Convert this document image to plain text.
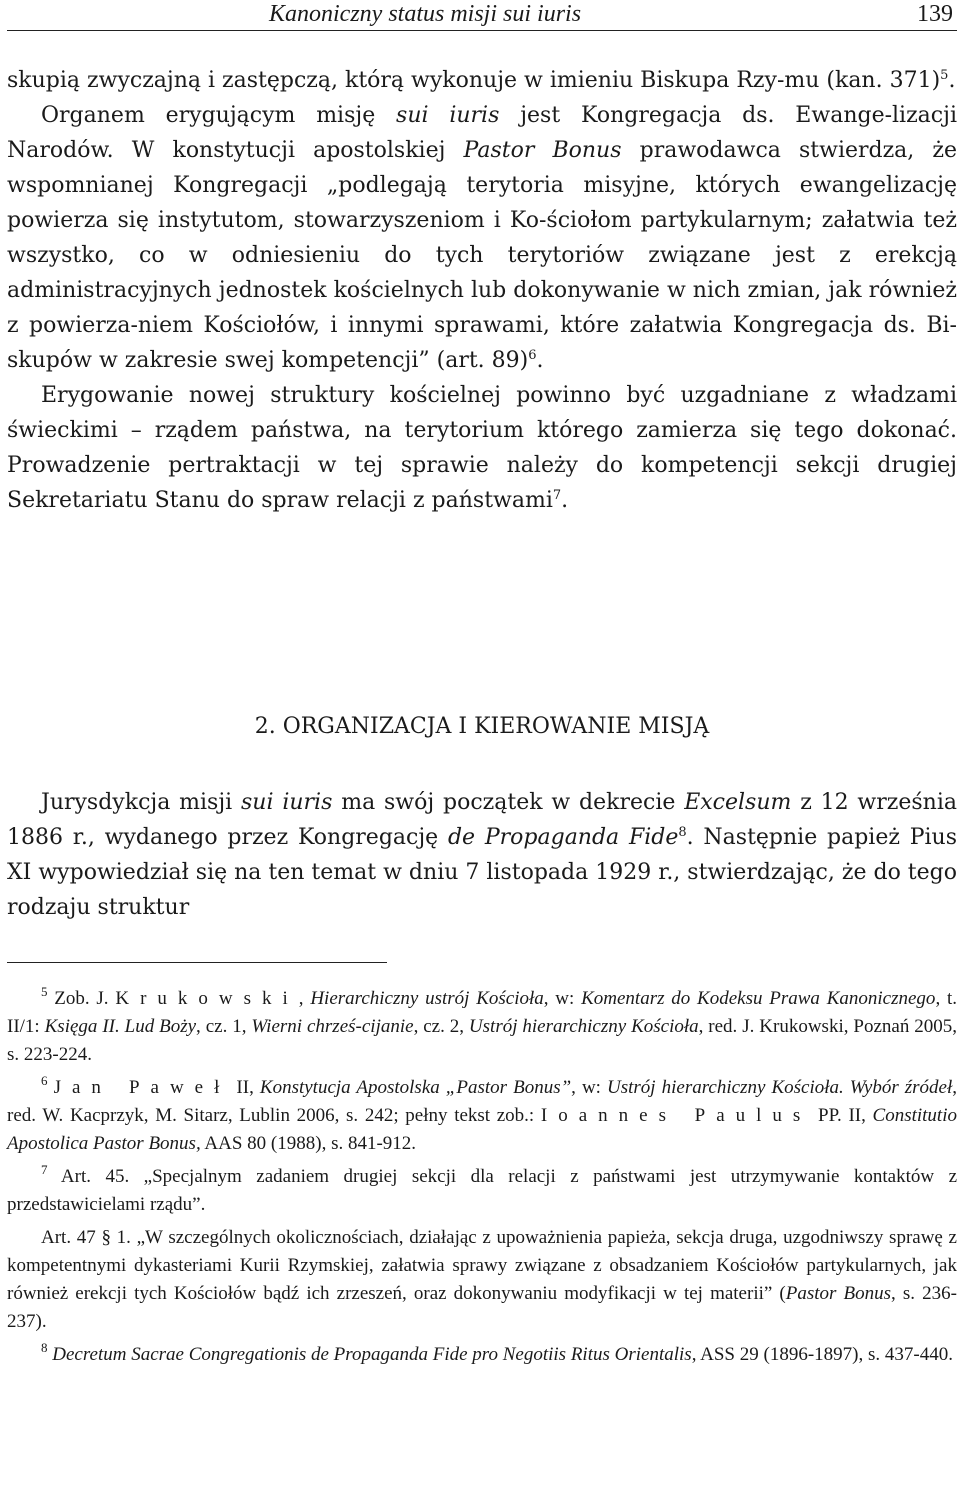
Kanoniczny status misji sui iuris	139

skupią zwyczajną i zastępczą, którą wykonuje w imieniu Biskupa Rzy-mu (kan. 371)$^5$.

Organem erygującym misję sui iuris jest Kongregacja ds. Ewange-lizacji Narodów. W konstytucji apostolskiej Pastor Bonus prawodawca stwierdza, że wspomnianej Kongregacji „podlegają terytoria misyjne, których ewangelizację powierza się instytutom, stowarzyszeniom i Ko-ściołom partykularnym; załatwia też wszystko, co w odniesieniu do tych terytoriów związane jest z erekcją administracyjnych jednostek kościelnych lub dokonywanie w nich zmian, jak również z powierza-niem Kościołów, i innymi sprawami, które załatwia Kongregacja ds. Bi-skupów w zakresie swej kompetencji” (art. 89)$^6$.

Erygowanie nowej struktury kościelnej powinno być uzgadniane z władzami świeckimi – rządem państwa, na terytorium którego zamierza się tego dokonać. Prowadzenie pertraktacji w tej sprawie należy do kompetencji sekcji drugiej Sekretariatu Stanu do spraw relacji z państwami$^7$.

2. ORGANIZACJA I KIEROWANIE MISJĄ

Jurysdykcja misji sui iuris ma swój początek w dekrecie Excelsum z 12 września 1886 r., wydanego przez Kongregację de Propaganda Fide$^8$. Następnie papież Pius XI wypowiedział się na ten temat w dniu 7 listopada 1929 r., stwierdzając, że do tego rodzaju struktur

$^5$ Zob. J. Krukowski, Hierarchiczny ustrój Kościoła, w: Komentarz do Kodeksu Prawa Kanonicznego, t. II/1: Księga II. Lud Boży, cz. 1, Wierni chrześ-cijanie, cz. 2, Ustrój hierarchiczny Kościoła, red. J. Krukowski, Poznań 2005, s. 223-224.

$^6$ Jan Paweł II, Konstytucja Apostolska „Pastor Bonus”, w: Ustrój hierarchiczny Kościoła. Wybór źródeł, red. W. Kacprzyk, M. Sitarz, Lublin 2006, s. 242; pełny tekst zob.: Ioannes Paulus PP. II, Constitutio Apostolica Pastor Bonus, AAS 80 (1988), s. 841-912.

$^7$ Art. 45. „Specjalnym zadaniem drugiej sekcji dla relacji z państwami jest utrzymywanie kontaktów z przedstawicielami rządu”.

Art. 47 § 1. „W szczególnych okolicznościach, działając z upoważnienia papieża, sekcja druga, uzgodniwszy sprawę z kompetentnymi dykasteriami Kurii Rzymskiej, załatwia sprawy związane z obsadzaniem Kościołów partykularnych, jak również erekcji tych Kościołów bądź ich zrzeszeń, oraz dokonywaniu modyfikacji w tej materii” (Pastor Bonus, s. 236-237).

$^8$ Decretum Sacrae Congregationis de Propaganda Fide pro Negotiis Ritus Orientalis, ASS 29 (1896-1897), s. 437-440.
